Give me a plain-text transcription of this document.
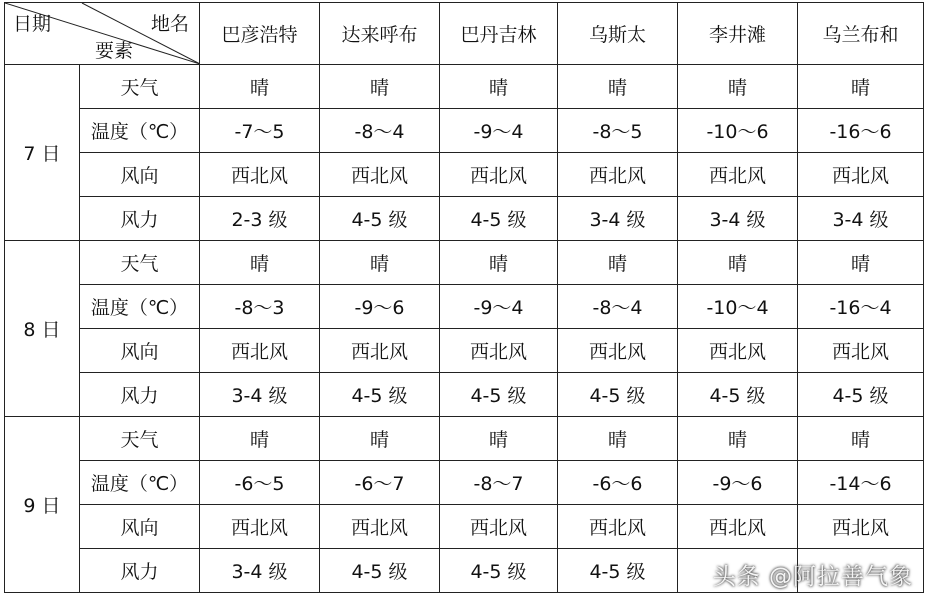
日期 地名
要素		巴彦浩特	达来呼布	巴丹吉林	乌斯太	李井滩	乌兰布和
7 日	天气	晴	晴	晴	晴	晴	晴
	温度（℃）	-7～5	-8～4	-9～4	-8～5	-10～6	-16～6
	风向	西北风	西北风	西北风	西北风	西北风	西北风
	风力	2-3 级	4-5 级	4-5 级	3-4 级	3-4 级	3-4 级
8 日	天气	晴	晴	晴	晴	晴	晴
	温度（℃）	-8～3	-9～6	-9～4	-8～4	-10～4	-16～4
	风向	西北风	西北风	西北风	西北风	西北风	西北风
	风力	3-4 级	4-5 级	4-5 级	4-5 级	4-5 级	4-5 级
9 日	天气	晴	晴	晴	晴	晴	晴
	温度（℃）	-6～5	-6～7	-8～7	-6～6	-9～6	-14～6
	风向	西北风	西北风	西北风	西北风	西北风	西北风
	风力	3-4 级	4-5 级	4-5 级	4-5 级			头条 @阿拉善气象
